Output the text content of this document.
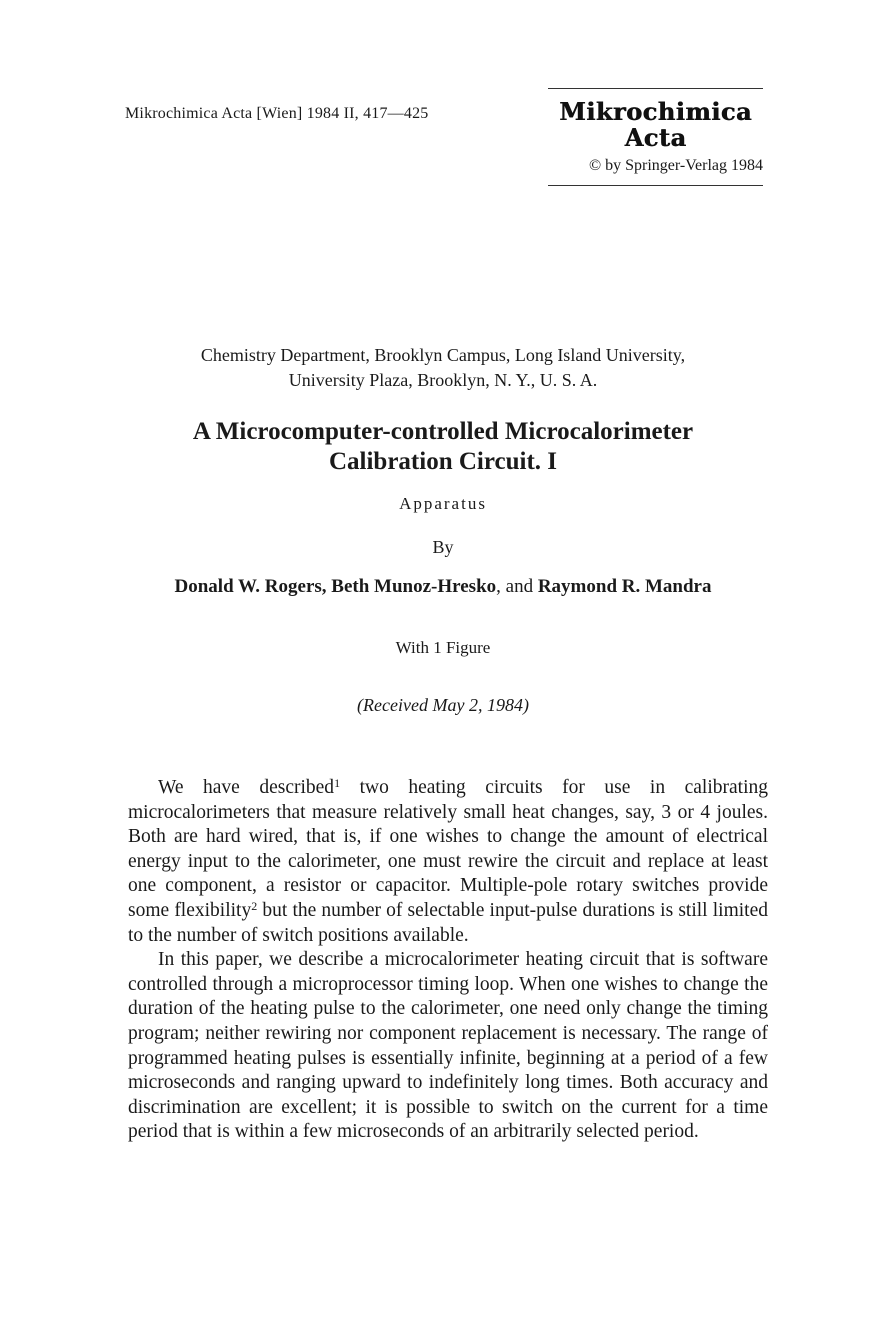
Mikrochimica Acta [Wien] 1984 II, 417—425	Mikrochimica Acta
© by Springer-Verlag 1984
Chemistry Department, Brooklyn Campus, Long Island University,
University Plaza, Brooklyn, N. Y., U. S. A.
A Microcomputer-controlled Microcalorimeter
Calibration Circuit. I
Apparatus
By
Donald W. Rogers, Beth Munoz-Hresko, and Raymond R. Mandra
With 1 Figure
(Received May 2, 1984)

We have described$^1$ two heating circuits for use in calibrating microcalorimeters that measure relatively small heat changes, say, 3 or 4 joules. Both are hard wired, that is, if one wishes to change the amount of electrical energy input to the calorimeter, one must rewire the circuit and replace at least one component, a resistor or capacitor. Multiple-pole rotary switches provide some flexibility$^2$ but the number of selectable input-pulse durations is still limited to the number of switch positions available.

In this paper, we describe a microcalorimeter heating circuit that is software controlled through a microprocessor timing loop. When one wishes to change the duration of the heating pulse to the calorimeter, one need only change the timing program; neither rewiring nor component replacement is necessary. The range of programmed heating pulses is essentially infinite, beginning at a period of a few microseconds and ranging upward to indefinitely long times. Both accuracy and discrimination are excellent; it is possible to switch on the current for a time period that is within a few microseconds of an arbitrarily selected period.
